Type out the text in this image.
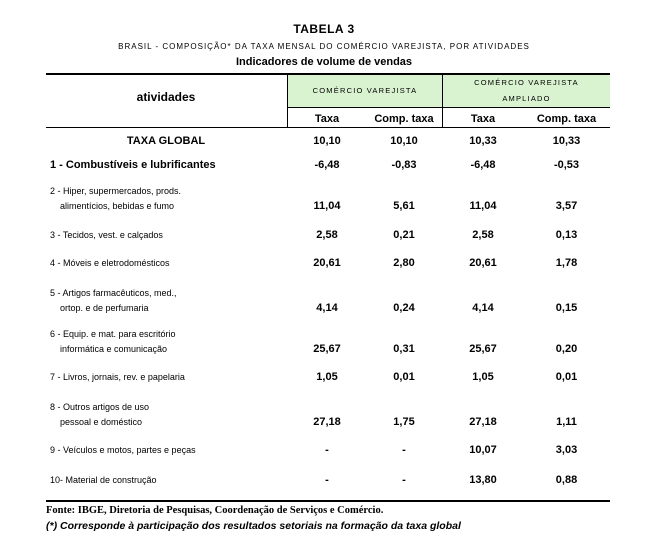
TABELA 3
BRASIL - COMPOSIÇÃO* DA TAXA MENSAL DO COMÉRCIO VAREJISTA, POR ATIVIDADES
Indicadores de volume de vendas
atividades	COMÉRCIO VAREJISTA
COMÉRCIO VAREJISTA
AMPLIADO
Taxa	Comp. taxa	Taxa	Comp. taxa
TAXA GLOBAL	10,10	10,10	10,33	10,33
1 - Combustíveis e lubrificantes	-6,48	-0,83	-6,48	-0,53
2 - Hiper, supermercados, prods.
alimentícios, bebidas e fumo	11,04	5,61	11,04	3,57
3 - Tecidos, vest. e calçados	2,58	0,21	2,58	0,13
4 - Móveis e eletrodomésticos	20,61	2,80	20,61	1,78
5 - Artigos farmacêuticos, med.,
ortop. e de perfumaria	4,14	0,24	4,14	0,15
6 - Equip. e mat. para escritório
informática e comunicação	25,67	0,31	25,67	0,20
7 - Livros, jornais, rev. e papelaria	1,05	0,01	1,05	0,01
8 - Outros artigos de uso
pessoal e doméstico	27,18	1,75	27,18	1,11
9 - Veículos e motos, partes e peças	-	-	10,07	3,03
10- Material de construção	-	-	13,80	0,88
Fonte: IBGE, Diretoria de Pesquisas, Coordenação de Serviços e Comércio.
(*) Corresponde à participação dos resultados setoriais na formação da taxa global
